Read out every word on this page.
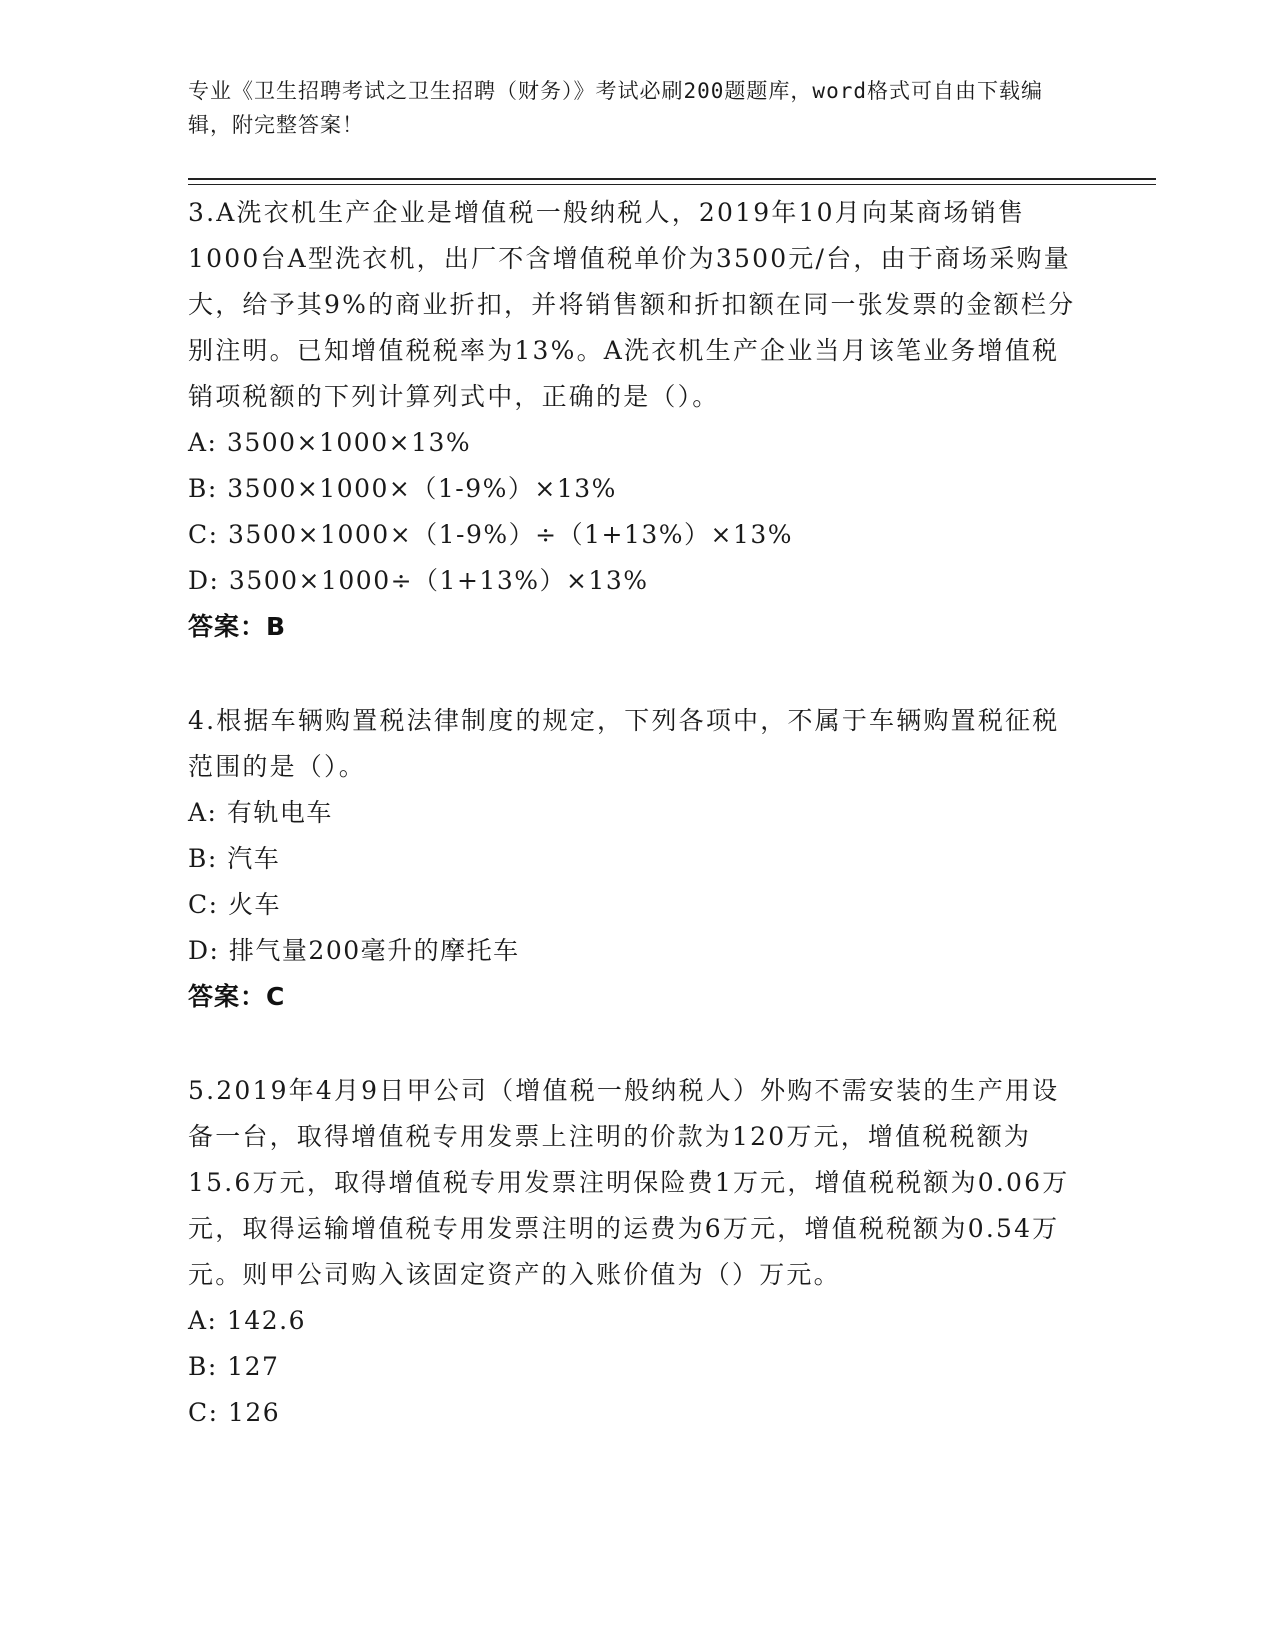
专业《卫生招聘考试之卫生招聘（财务）》考试必刷200题题库，word格式可自由下载编辑，附完整答案！

3.A洗衣机生产企业是增值税一般纳税人，2019年10月向某商场销售1000台A型洗衣机，出厂不含增值税单价为3500元/台，由于商场采购量大，给予其9%的商业折扣，并将销售额和折扣额在同一张发票的金额栏分别注明。已知增值税税率为13%。A洗衣机生产企业当月该笔业务增值税销项税额的下列计算列式中，正确的是（）。

A: 3500×1000×13%
B: 3500×1000×（1-9%）×13%
C: 3500×1000×（1-9%）÷（1+13%）×13%
D: 3500×1000÷（1+13%）×13%
答案：B

4.根据车辆购置税法律制度的规定，下列各项中，不属于车辆购置税征税范围的是（）。

A: 有轨电车
B: 汽车
C: 火车
D: 排气量200毫升的摩托车
答案：C

5.2019年4月9日甲公司（增值税一般纳税人）外购不需安装的生产用设备一台，取得增值税专用发票上注明的价款为120万元，增值税税额为15.6万元，取得增值税专用发票注明保险费1万元，增值税税额为0.06万元，取得运输增值税专用发票注明的运费为6万元，增值税税额为0.54万元。则甲公司购入该固定资产的入账价值为（）万元。

A: 142.6
B: 127
C: 126
